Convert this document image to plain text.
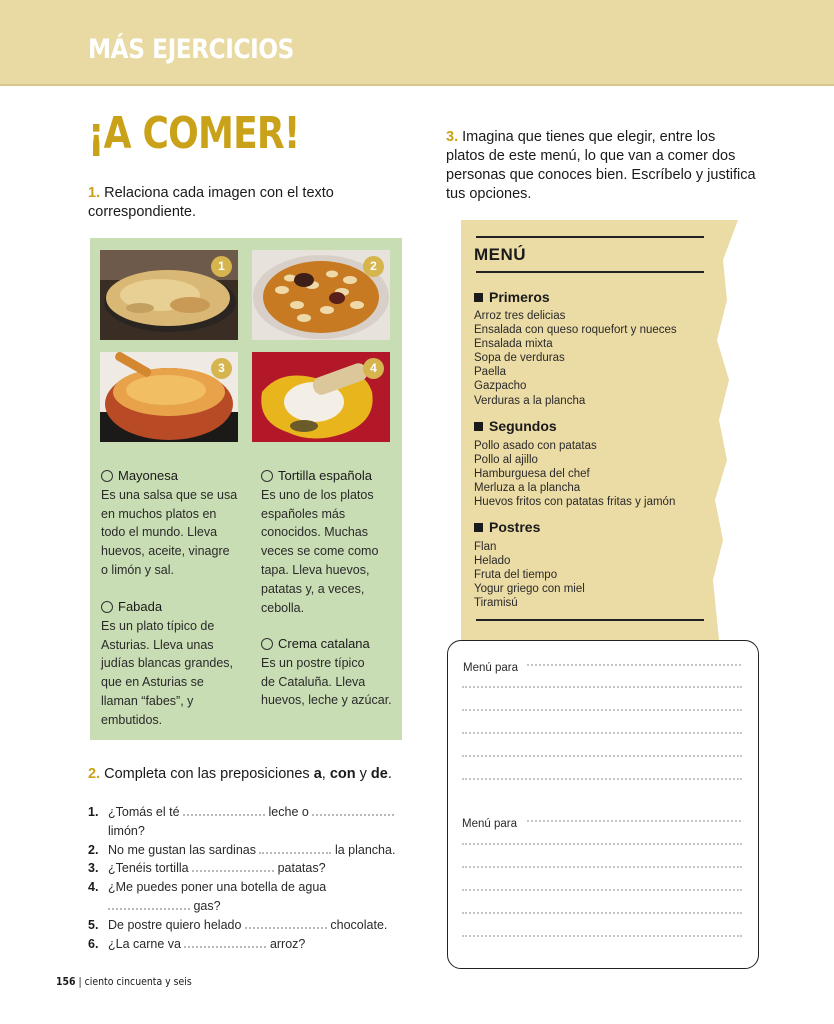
MÁS EJERCICIOS
¡A COMER!
1. Relaciona cada imagen con el texto
correspondiente.
3. Imagina que tienes que elegir, entre los
platos de este menú, lo que van a comer dos
personas que conoces bien. Escríbelo y justifica
tus opciones.
1	2
3	4
Mayonesa
Es una salsa que se usa
en muchos platos en
todo el mundo. Lleva
huevos, aceite, vinagre
o limón y sal.
Fabada
Es un plato típico de
Asturias. Lleva unas
judías blancas grandes,
que en Asturias se
llaman “fabes”, y
embutidos.
Tortilla española
Es uno de los platos
españoles más
conocidos. Muchas
veces se come como
tapa. Lleva huevos,
patatas y, a veces,
cebolla.
Crema catalana
Es un postre típico
de Cataluña. Lleva
huevos, leche y azúcar.
2. Completa con las preposiciones a, con y de.
1. ¿Tomás el té	leche o
limón?
2. No me gustan las sardinas	la plancha.
3. ¿Tenéis tortilla	patatas?
4. ¿Me puedes poner una botella de agua
gas?
5. De postre quiero helado	chocolate.
6. ¿La carne va	arroz?
MENÚ
Primeros
Arroz tres delicias
Ensalada con queso roquefort y nueces
Ensalada mixta
Sopa de verduras
Paella
Gazpacho
Verduras a la plancha
Segundos
Pollo asado con patatas
Pollo al ajillo
Hamburguesa del chef
Merluza a la plancha
Huevos fritos con patatas fritas y jamón
Postres
Flan
Helado
Fruta del tiempo
Yogur griego con miel
Tiramisú
Menú para
Menú para
156 | ciento cincuenta y seis
